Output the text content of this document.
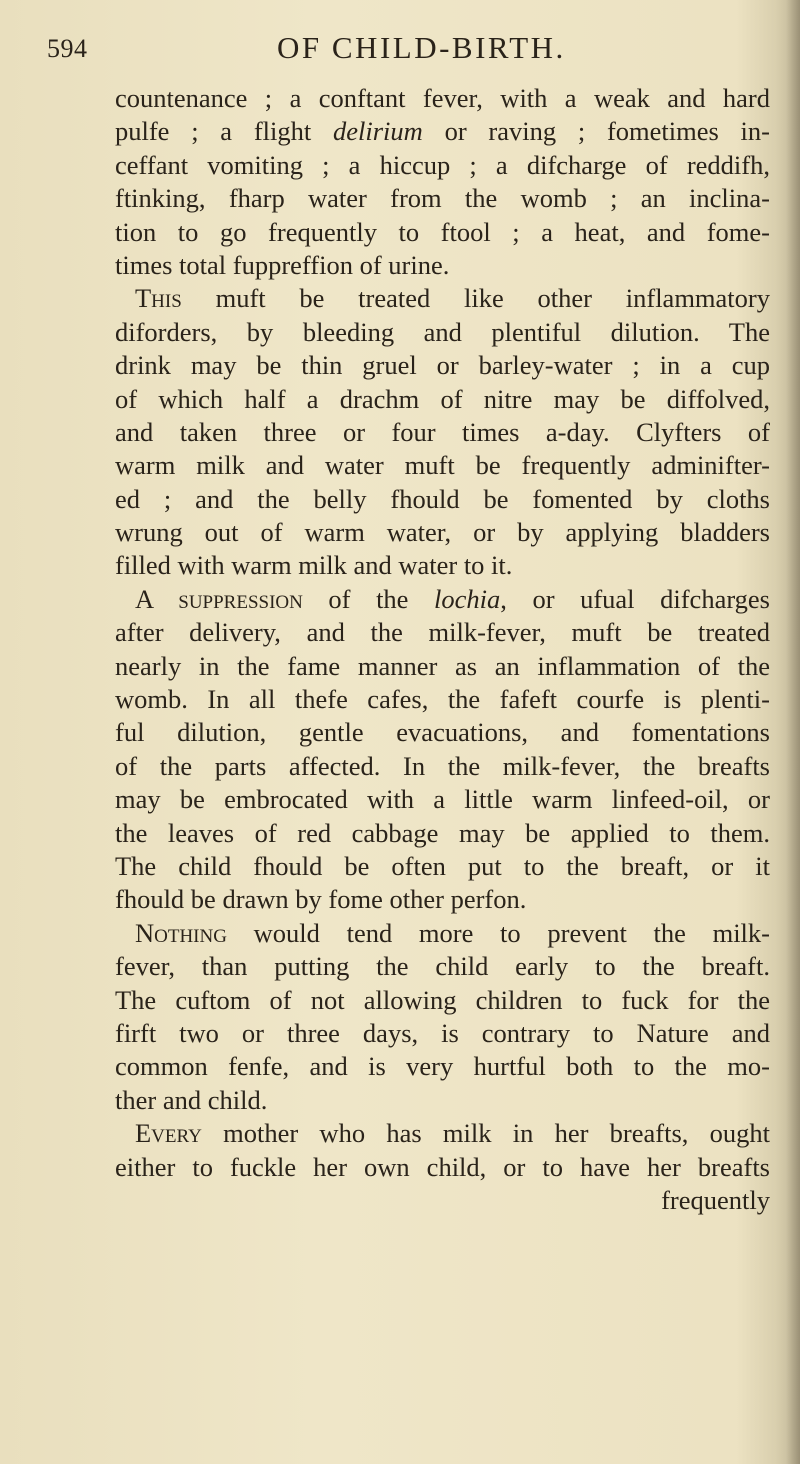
594	OF CHILD-BIRTH.
countenance ; a conftant fever, with a weak and hard
pulfe ; a flight delirium or raving ; fometimes in-
ceffant vomiting ; a hiccup ; a difcharge of reddifh,
ftinking, fharp water from the womb ; an inclina-
tion to go frequently to ftool ; a heat, and fome-
times total fuppreffion of urine.
This muft be treated like other inflammatory
diforders, by bleeding and plentiful dilution. The
drink may be thin gruel or barley-water ; in a cup
of which half a drachm of nitre may be diffolved,
and taken three or four times a-day. Clyfters of
warm milk and water muft be frequently adminifter-
ed ; and the belly fhould be fomented by cloths
wrung out of warm water, or by applying bladders
filled with warm milk and water to it.
A suppression of the lochia, or ufual difcharges
after delivery, and the milk-fever, muft be treated
nearly in the fame manner as an inflammation of the
womb. In all thefe cafes, the fafeft courfe is plenti-
ful dilution, gentle evacuations, and fomentations
of the parts affected. In the milk-fever, the breafts
may be embrocated with a little warm linfeed-oil, or
the leaves of red cabbage may be applied to them.
The child fhould be often put to the breaft, or it
fhould be drawn by fome other perfon.
Nothing would tend more to prevent the milk-
fever, than putting the child early to the breaft.
The cuftom of not allowing children to fuck for the
firft two or three days, is contrary to Nature and
common fenfe, and is very hurtful both to the mo-
ther and child.
Every mother who has milk in her breafts, ought
either to fuckle her own child, or to have her breafts
frequently
